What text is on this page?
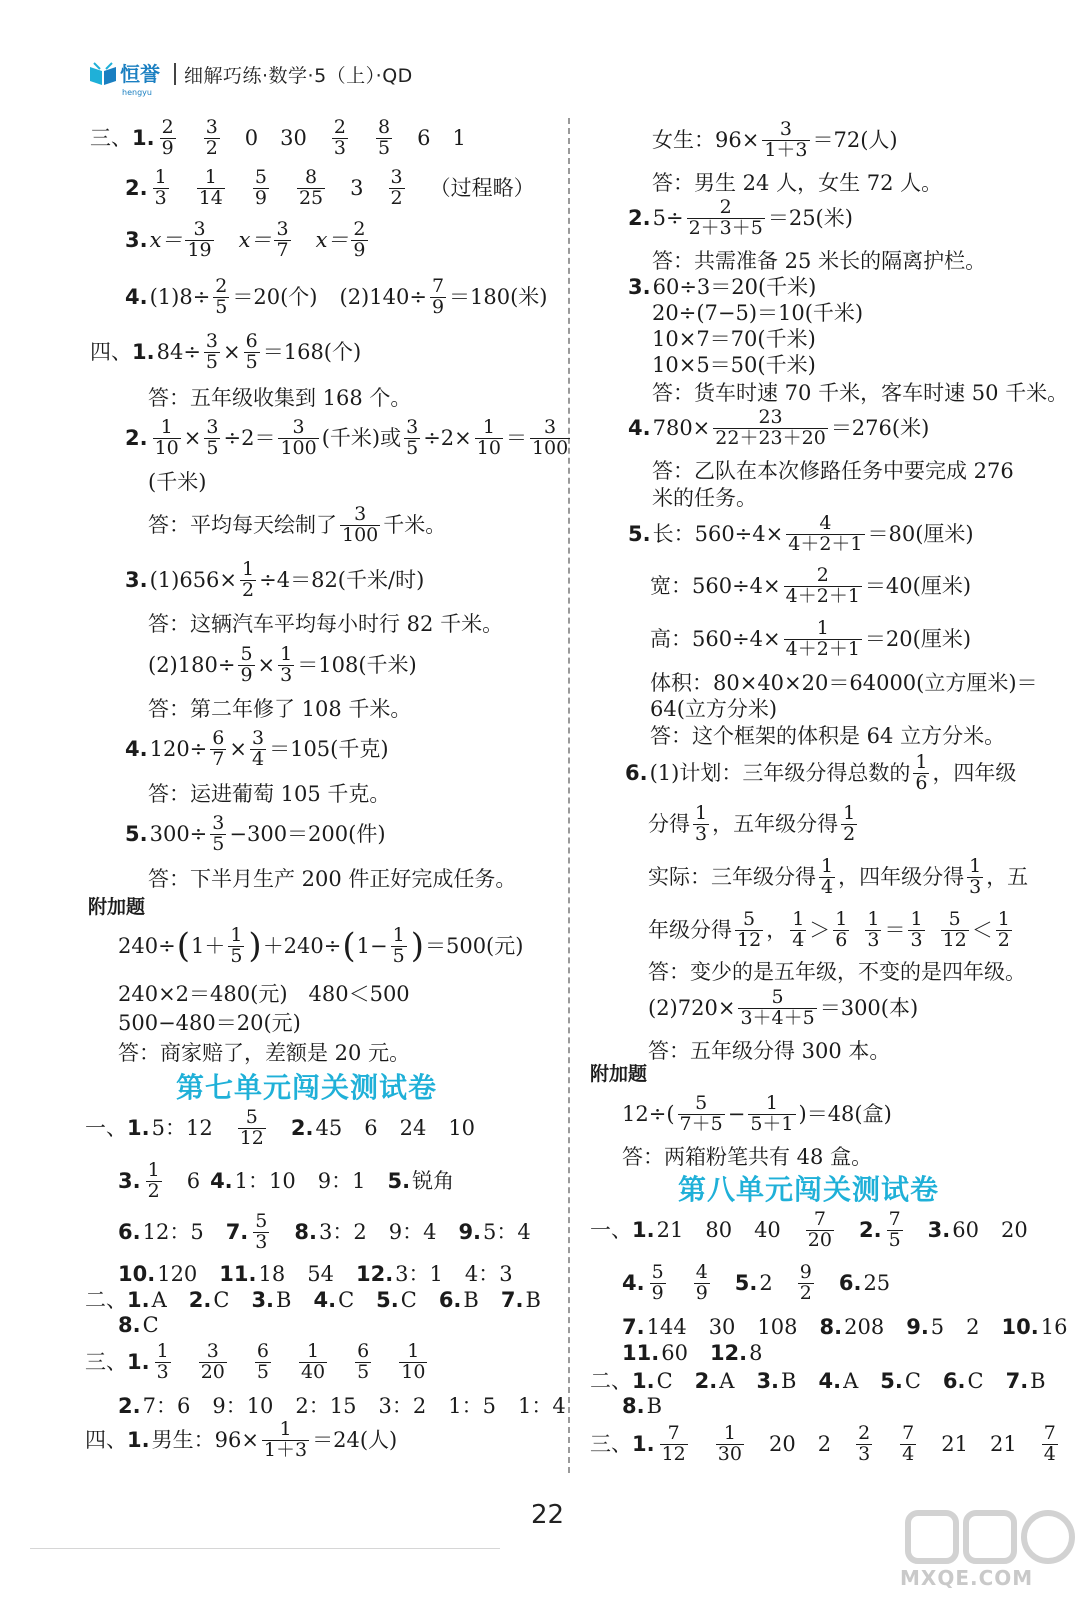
恒誉
hengyu
细解巧练·数学·5（上）·QD
三、 1. $\frac{2}{9} \frac{3}{2} 0$ $30 \frac{2}{3} \frac{8}{5} 6$ 1
2. $\frac{1}{3} \frac{1}{14} \frac{5}{9} \frac{8}{25} 3 \frac{3}{2}$ （过程略）
3. $x= \frac{3}{19} x= \frac{3}{7} x= \frac{2}{9}$
4. $(1)8\div \frac{2}{5} =20$(个) $(2)140\div \frac{7}{9} =180$(米)
四、 1. $84\div \frac{3}{5} \times \frac{6}{5} =168$(个)
答：五年级收集到 168 个。
2. $\frac{1}{10} \times \frac{3}{5} \div 2= \frac{3}{100}$ (千米)或 $\frac{3}{5} \div 2\times \frac{1}{10} = \frac{3}{100}$
(千米)
答：平均每天绘制了 $\frac{3}{100}$ 千米。
3. $(1)656\times \frac{1}{2} \div 4=82$(千米/时)
答：这辆汽车平均每小时行 82 千米。
$(2)180\div \frac{5}{9} \times \frac{1}{3} =108$(千米)
答：第二年修了 108 千米。
4. $120\div \frac{6}{7} \times \frac{3}{4} =105$(千克)
答：运进葡萄 105 千克。
5. $300\div \frac{3}{5} -300=200$(件)
答：下半月生产 200 件正好完成任务。
附加题
240÷ ( $1+ \frac{1}{5}$ ) ＋240÷ ( $1- \frac{1}{5}$ ) ＝500(元)
240×2＝480(元)　480＜500
500−480＝20(元)
答：商家赔了，差额是 20 元。
第七单元闯关测试卷
一、 1. 5：$12 \frac{5}{12} 2$. 45 6 24 10
3. $\frac{1}{2} 6$ 4. 1：10 9：1 5. 锐角
6. 12：5 7. $\frac{5}{3} 8$. 3：2 9：4 9. 5：4
10. 120 11. 18 54 12. 3：1 4：3
二、 1. A 2. C 3. B 4. C 5. C 6. B 7. B
8. C
三、 1. $\frac{1}{3} \frac{3}{20} \frac{6}{5} \frac{1}{40} \frac{6}{5} \frac{1}{10}$
2. 7：6 9：10 2：15 3：2 1：5 1：4
四、 1. 男生：$96\times \frac{1}{1+3} =24$(人)
女生：$96\times \frac{3}{1+3} =72$(人)
答：男生 24 人，女生 72 人。
2. $5\div \frac{2}{2+3+5} =25$(米)
答：共需准备 25 米长的隔离护栏。
3. 60÷3＝20(千米)
20÷(7−5)＝10(千米)
10×7＝70(千米)
10×5＝50(千米)
答：货车时速 70 千米，客车时速 50 千米。
4. $780\times \frac{23}{22+23+20} =276$(米)
答：乙队在本次修路任务中要完成 276
米的任务。
5. 长：$560\div 4\times \frac{4}{4+2+1} =80$(厘米)
宽：$560\div 4\times \frac{2}{4+2+1} =40$(厘米)
高：$560\div 4\times \frac{1}{4+2+1} =20$(厘米)
体积：80×40×20＝64000(立方厘米)＝
64(立方分米)
答：这个框架的体积是 64 立方分米。
6. (1)计划：三年级分得总数的 $\frac{1}{6}$ ，四年级
分得 $\frac{1}{3}$ ，五年级分得 $\frac{1}{2}$
实际：三年级分得 $\frac{1}{4}$ ，四年级分得 $\frac{1}{3}$ ，五
年级分得 $\frac{5}{12}$ ， $\frac{1}{4} > \frac{1}{6} \frac{1}{3} = \frac{1}{3} \frac{5}{12} < \frac{1}{2}$
答：变少的是五年级，不变的是四年级。
$(2)720\times \frac{5}{3+4+5} =300$(本)
答：五年级分得 300 本。
附加题
$12\div( \frac{5}{7+5} - \frac{1}{5+1} )=48$(盒)
答：两箱粉笔共有 48 盒。
第八单元闯关测试卷
一、 1. 21 80 $40 \frac{7}{20} 2$. $\frac{7}{5} 3$. 60 20
4. $\frac{5}{9} \frac{4}{9} 5$. $2 \frac{9}{2} 6$. 25
7. 144 30 108 8. 208 9. 5 2 10. 16
11. 60 12. 8
二、 1. C 2. A 3. B 4. A 5. C 6. C 7. B
8. B
三、 1. $\frac{7}{12} \frac{1}{30} 20$ $2 \frac{2}{3} \frac{7}{4} 21$ $21 \frac{7}{4}$
22
MXQE.COM
